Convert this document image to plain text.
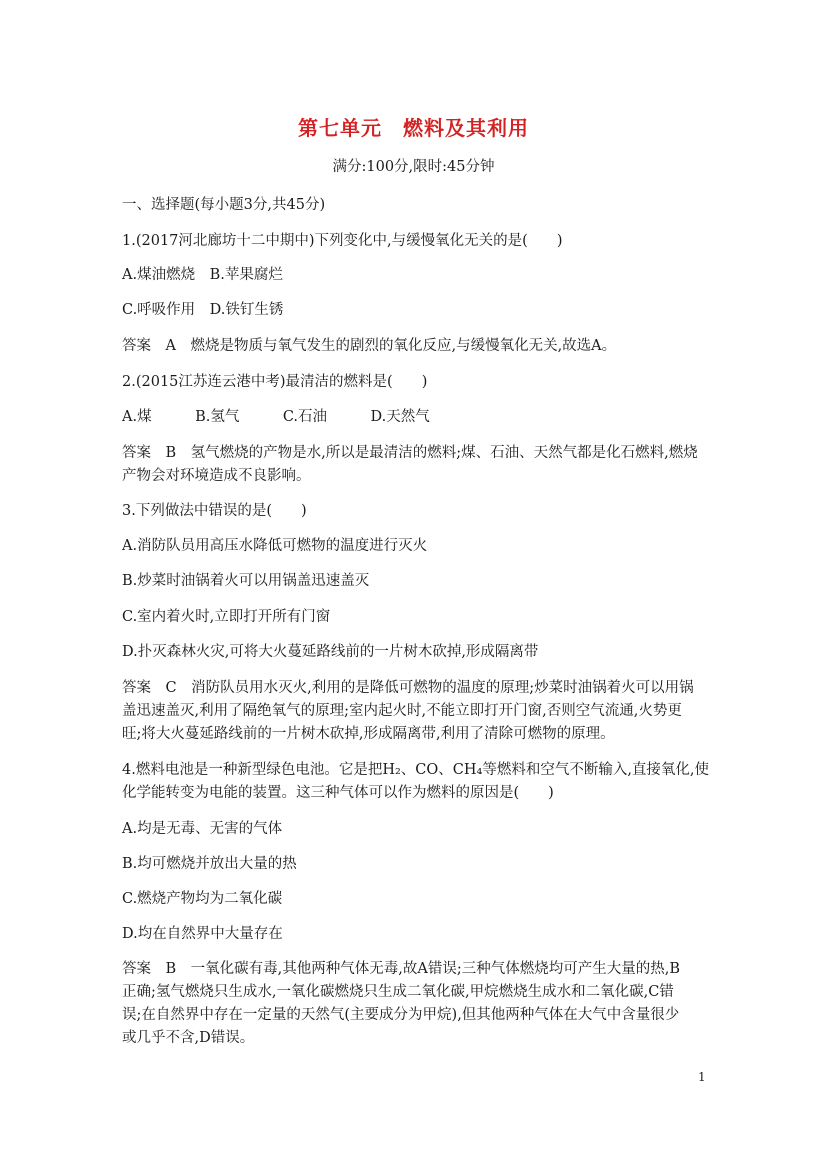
第七单元　燃料及其利用
满分:100分,限时:45分钟
一、选择题(每小题3分,共45分)
1.(2017河北廊坊十二中期中)下列变化中,与缓慢氧化无关的是(　　)
A.煤油燃烧　B.苹果腐烂
C.呼吸作用　D.铁钉生锈
答案　A　燃烧是物质与氧气发生的剧烈的氧化反应,与缓慢氧化无关,故选A。
2.(2015江苏连云港中考)最清洁的燃料是(　　)
A.煤　　　B.氢气　　　C.石油　　　D.天然气
答案　B　氢气燃烧的产物是水,所以是最清洁的燃料;煤、石油、天然气都是化石燃料,燃烧
产物会对环境造成不良影响。
3.下列做法中错误的是(　　)
A.消防队员用高压水降低可燃物的温度进行灭火
B.炒菜时油锅着火可以用锅盖迅速盖灭
C.室内着火时,立即打开所有门窗
D.扑灭森林火灾,可将大火蔓延路线前的一片树木砍掉,形成隔离带
答案　C　消防队员用水灭火,利用的是降低可燃物的温度的原理;炒菜时油锅着火可以用锅
盖迅速盖灭,利用了隔绝氧气的原理;室内起火时,不能立即打开门窗,否则空气流通,火势更
旺;将大火蔓延路线前的一片树木砍掉,形成隔离带,利用了清除可燃物的原理。
4.燃料电池是一种新型绿色电池。它是把H₂、CO、CH₄等燃料和空气不断输入,直接氧化,使
化学能转变为电能的装置。这三种气体可以作为燃料的原因是(　　)
A.均是无毒、无害的气体
B.均可燃烧并放出大量的热
C.燃烧产物均为二氧化碳
D.均在自然界中大量存在
答案　B　一氧化碳有毒,其他两种气体无毒,故A错误;三种气体燃烧均可产生大量的热,B
正确;氢气燃烧只生成水,一氧化碳燃烧只生成二氧化碳,甲烷燃烧生成水和二氧化碳,C错
误;在自然界中存在一定量的天然气(主要成分为甲烷),但其他两种气体在大气中含量很少
或几乎不含,D错误。
1
